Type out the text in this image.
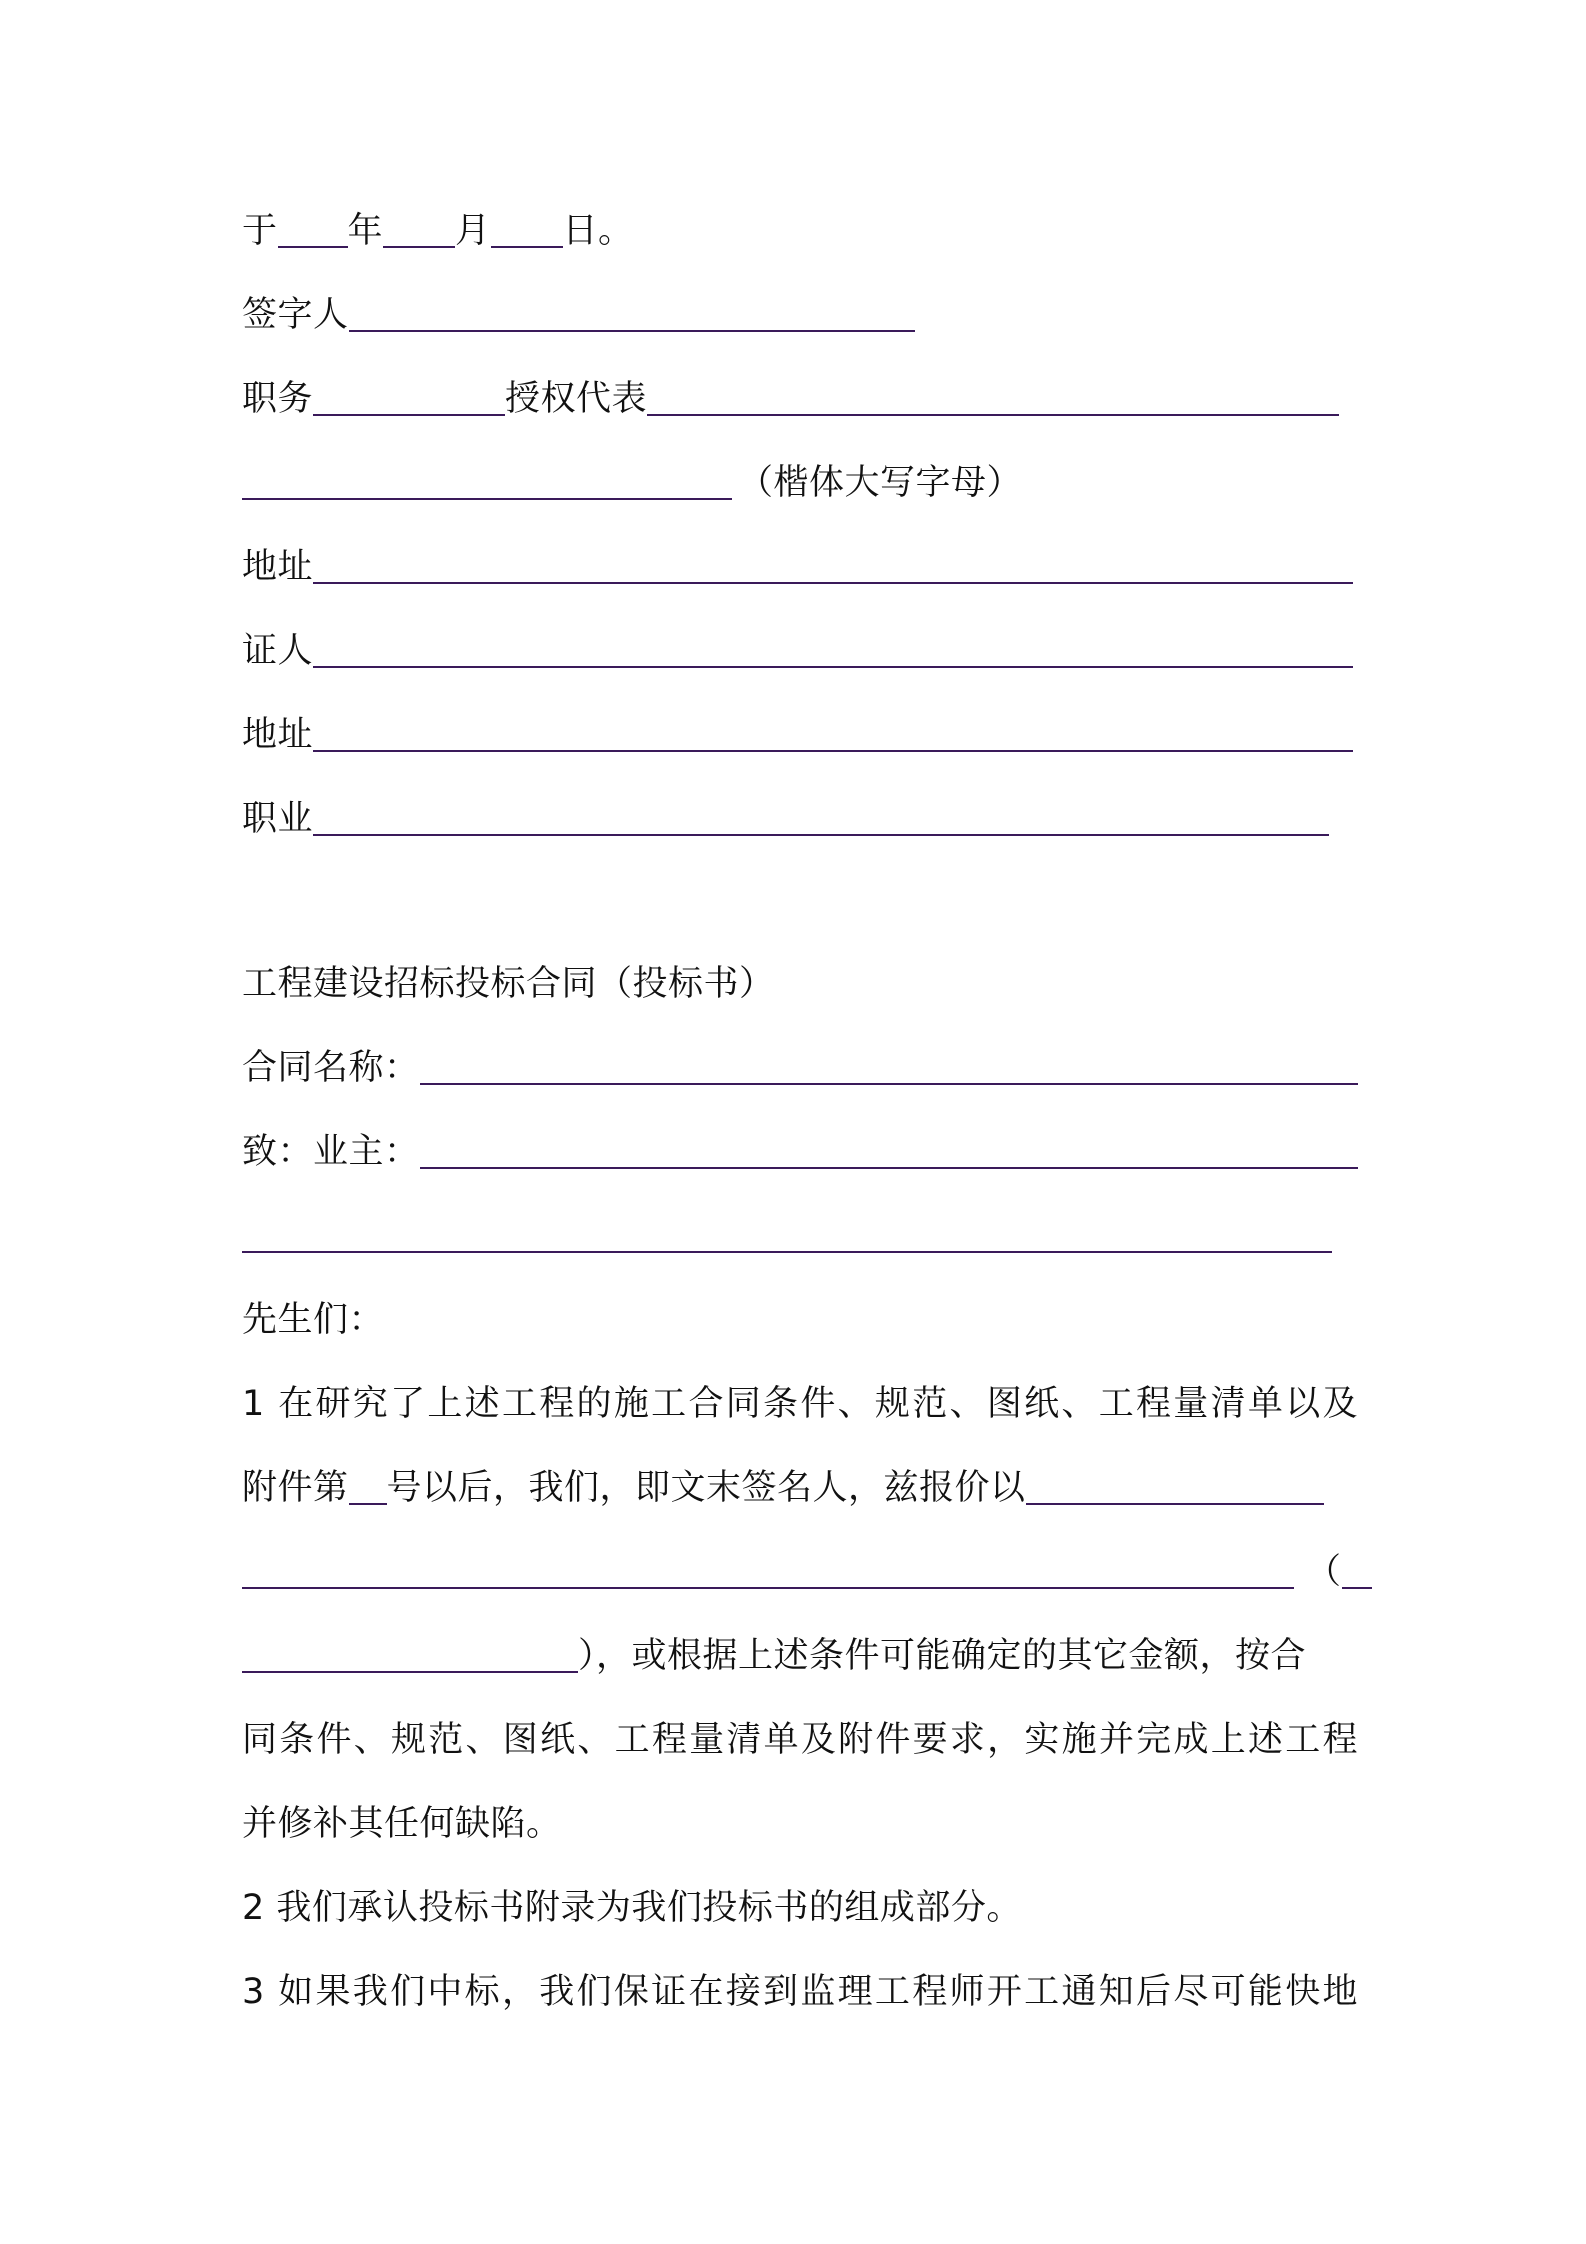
于 年 月 日。
签字人
职务	授权代表
（楷体大写字母）
地址
证人
地址
职业
工程建设招标投标合同（投标书）
合同名称：
致：业主：
先生们：
1 在研究了上述工程的施工合同条件、规范、图纸、工程量清单以及
附件第 号以后，我们，即文末签名人，兹报价以
（
），或根据上述条件可能确定的其它金额，按合
同条件、规范、图纸、工程量清单及附件要求，实施并完成上述工程
并修补其任何缺陷。
2 我们承认投标书附录为我们投标书的组成部分。
3 如果我们中标，我们保证在接到监理工程师开工通知后尽可能快地
